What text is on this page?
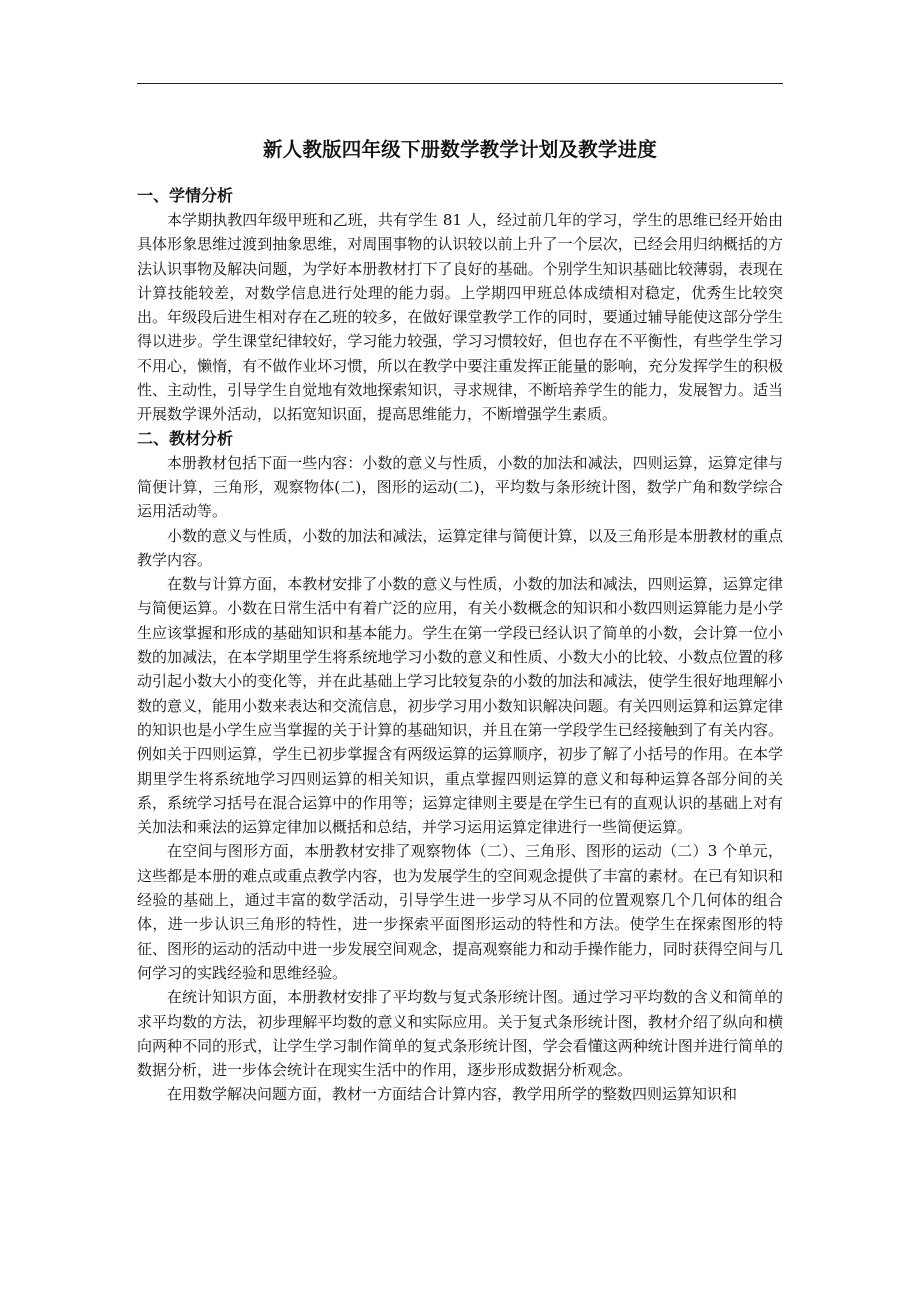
新人教版四年级下册数学教学计划及教学进度
一、学情分析

本学期执教四年级甲班和乙班，共有学生 81 人，经过前几年的学习，学生的思维已经开始由具体形象思维过渡到抽象思维，对周围事物的认识较以前上升了一个层次，已经会用归纳概括的方法认识事物及解决问题，为学好本册教材打下了良好的基础。个别学生知识基础比较薄弱，表现在计算技能较差，对数学信息进行处理的能力弱。上学期四甲班总体成绩相对稳定，优秀生比较突出。年级段后进生相对存在乙班的较多，在做好课堂教学工作的同时，要通过辅导能使这部分学生得以进步。学生课堂纪律较好，学习能力较强，学习习惯较好，但也存在不平衡性，有些学生学习不用心，懒惰，有不做作业坏习惯，所以在教学中要注重发挥正能量的影响，充分发挥学生的积极性、主动性，引导学生自觉地有效地探索知识，寻求规律，不断培养学生的能力，发展智力。适当开展数学课外活动，以拓宽知识面，提高思维能力，不断增强学生素质。

二、教材分析

本册教材包括下面一些内容：小数的意义与性质，小数的加法和减法，四则运算，运算定律与简便计算，三角形，观察物体(二)，图形的运动(二)，平均数与条形统计图，数学广角和数学综合运用活动等。

小数的意义与性质，小数的加法和减法，运算定律与简便计算，以及三角形是本册教材的重点教学内容。

在数与计算方面，本教材安排了小数的意义与性质，小数的加法和减法，四则运算，运算定律与简便运算。小数在日常生活中有着广泛的应用，有关小数概念的知识和小数四则运算能力是小学生应该掌握和形成的基础知识和基本能力。学生在第一学段已经认识了简单的小数，会计算一位小数的加减法，在本学期里学生将系统地学习小数的意义和性质、小数大小的比较、小数点位置的移动引起小数大小的变化等，并在此基础上学习比较复杂的小数的加法和减法，使学生很好地理解小数的意义，能用小数来表达和交流信息，初步学习用小数知识解决问题。有关四则运算和运算定律的知识也是小学生应当掌握的关于计算的基础知识，并且在第一学段学生已经接触到了有关内容。例如关于四则运算，学生已初步掌握含有两级运算的运算顺序，初步了解了小括号的作用。在本学期里学生将系统地学习四则运算的相关知识，重点掌握四则运算的意义和每种运算各部分间的关系，系统学习括号在混合运算中的作用等；运算定律则主要是在学生已有的直观认识的基础上对有关加法和乘法的运算定律加以概括和总结，并学习运用运算定律进行一些简便运算。

在空间与图形方面，本册教材安排了观察物体（二）、三角形、图形的运动（二）3 个单元，这些都是本册的难点或重点教学内容，也为发展学生的空间观念提供了丰富的素材。在已有知识和经验的基础上，通过丰富的数学活动，引导学生进一步学习从不同的位置观察几个几何体的组合体，进一步认识三角形的特性，进一步探索平面图形运动的特性和方法。使学生在探索图形的特征、图形的运动的活动中进一步发展空间观念，提高观察能力和动手操作能力，同时获得空间与几何学习的实践经验和思维经验。

在统计知识方面，本册教材安排了平均数与复式条形统计图。通过学习平均数的含义和简单的求平均数的方法，初步理解平均数的意义和实际应用。关于复式条形统计图，教材介绍了纵向和横向两种不同的形式，让学生学习制作简单的复式条形统计图，学会看懂这两种统计图并进行简单的数据分析，进一步体会统计在现实生活中的作用，逐步形成数据分析观念。

在用数学解决问题方面，教材一方面结合计算内容，教学用所学的整数四则运算知识和
